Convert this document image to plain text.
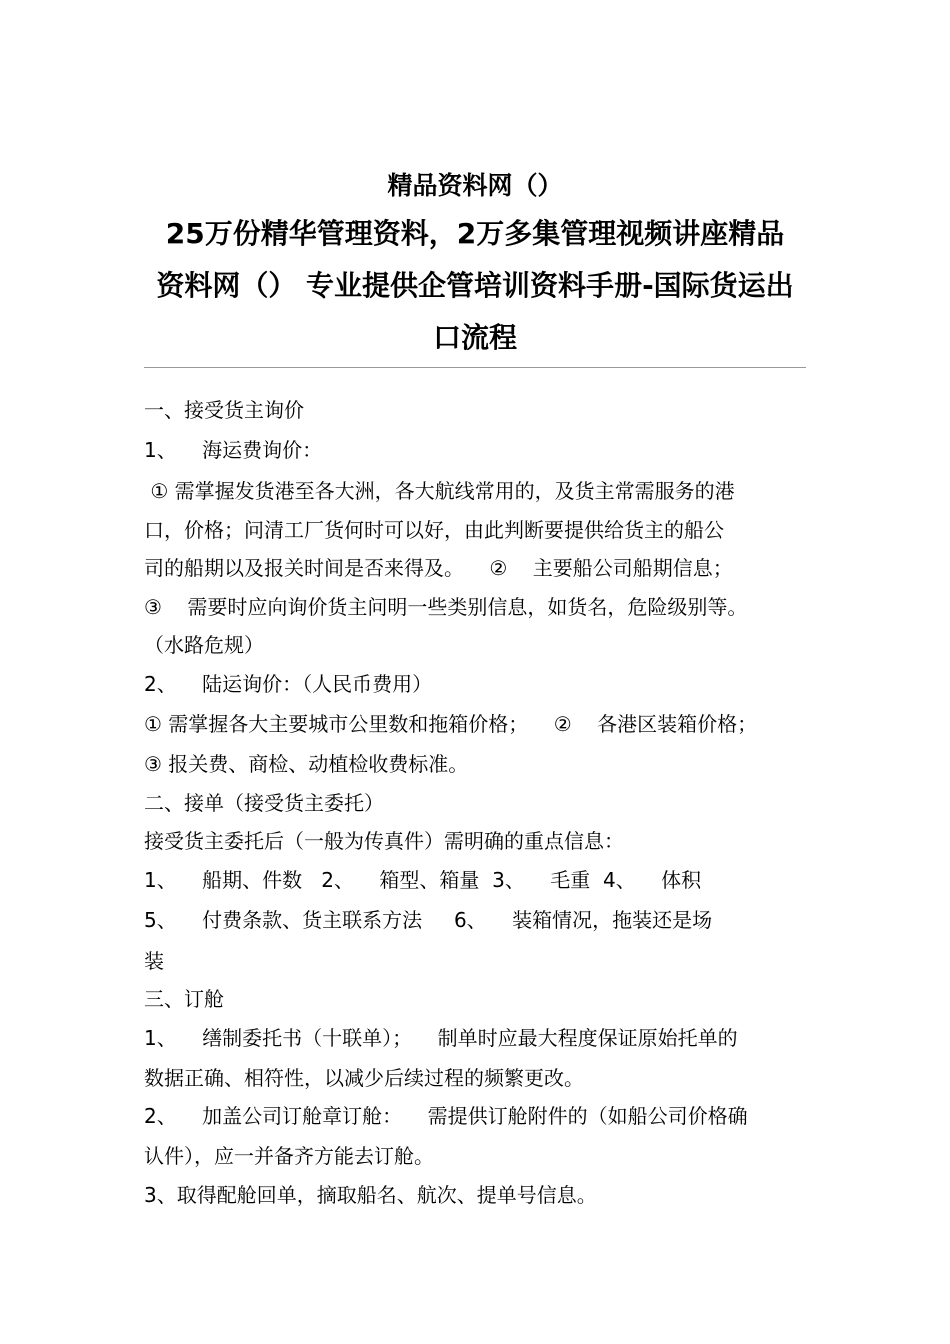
精品资料网（）
25万份精华管理资料，2万多集管理视频讲座精品
资料网（） 专业提供企管培训资料手册-国际货运出
口流程
一、接受货主询价
1、    海运费询价：
① 需掌握发货港至各大洲，各大航线常用的，及货主常需服务的港
口，价格；问清工厂货何时可以好，由此判断要提供给货主的船公
司的船期以及报关时间是否来得及。    ②    主要船公司船期信息；
③    需要时应向询价货主问明一些类别信息，如货名，危险级别等。
（水路危规）
2、    陆运询价：（人民币费用）
① 需掌握各大主要城市公里数和拖箱价格；    ②    各港区装箱价格；
③ 报关费、商检、动植检收费标准。
二、接单（接受货主委托）
接受货主委托后（一般为传真件）需明确的重点信息：
1、    船期、件数   2、    箱型、箱量  3、    毛重  4、    体积
5、    付费条款、货主联系方法     6、    装箱情况，拖装还是场
装
三、订舱
1、    缮制委托书（十联单）；    制单时应最大程度保证原始托单的
数据正确、相符性，以减少后续过程的频繁更改。
2、    加盖公司订舱章订舱：    需提供订舱附件的（如船公司价格确
认件），应一并备齐方能去订舱。
3、取得配舱回单，摘取船名、航次、提单号信息。
